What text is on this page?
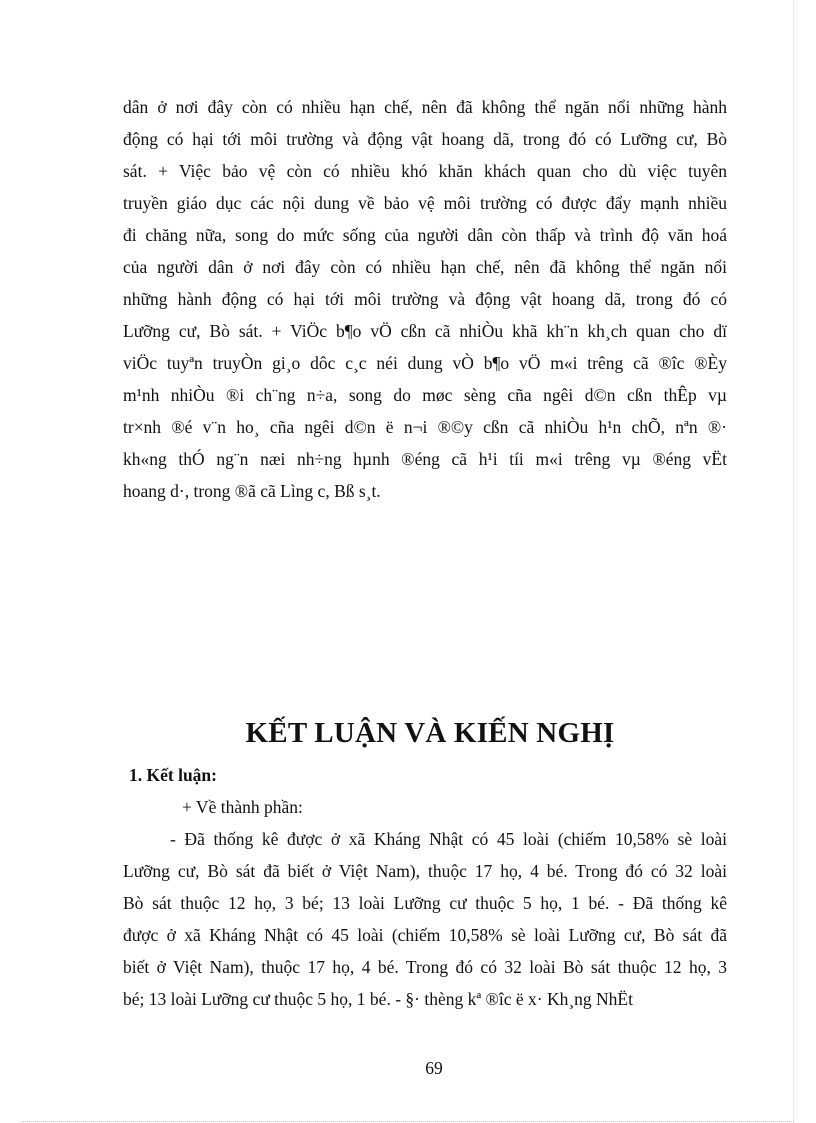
dân ở nơi đây còn có nhiều hạn chế, nên đã không thể ngăn nổi những hành
động có hại tới môi trường và động vật hoang dã, trong đó có Lưỡng cư, Bò
sát. + Việc bảo vệ còn có nhiều khó khăn khách quan cho dù việc tuyên
truyền giáo dục các nội dung về bảo vệ môi trường có được đẩy mạnh nhiều
đi chăng nữa, song do mức sống của người dân còn thấp và trình độ văn hoá
của người dân ở nơi đây còn có nhiều hạn chế, nên đã không thể ngăn nổi
những hành động có hại tới môi trường và động vật hoang dã, trong đó có
Lưỡng cư, Bò sát. + ViÖc b¶o vÖ cßn cã nhiÒu khã kh¨n kh¸ch quan cho dï
viÖc tuyªn truyÒn gi¸o dôc c¸c néi dung vÒ b¶o vÖ m«i trêng cã ®îc ®Èy
m¹nh nhiÒu ®i ch¨ng n÷a, song do møc sèng cña ngêi d©n cßn thÊp vµ
tr×nh ®é v¨n ho¸ cña ngêi d©n ë n¬i ®©y cßn cã nhiÒu h¹n chÕ, nªn ®·
kh«ng thÓ ng¨n næi nh÷ng hµnh ®éng cã h¹i tíi m«i trêng vµ ®éng vËt
hoang d·, trong ®ã cã Lìng c, Bß s¸t.
KẾT LUẬN VÀ KIẾN NGHỊ
1. Kết luận:
+ Về thành phần:
- Đã thống kê được ở xã Kháng Nhật có 45 loài (chiếm 10,58% sè loài
Lưỡng cư, Bò sát đã biết ở Việt Nam), thuộc 17 họ, 4 bé. Trong đó có 32 loài
Bò sát thuộc 12 họ, 3 bé; 13 loài Lưỡng cư thuộc 5 họ, 1 bé. - Đã thống kê
được ở xã Kháng Nhật có 45 loài (chiếm 10,58% sè loài Lưỡng cư, Bò sát đã
biết ở Việt Nam), thuộc 17 họ, 4 bé. Trong đó có 32 loài Bò sát thuộc 12 họ, 3
bé; 13 loài Lưỡng cư thuộc 5 họ, 1 bé. - §· thèng kª ®îc ë x· Kh¸ng NhËt
69
